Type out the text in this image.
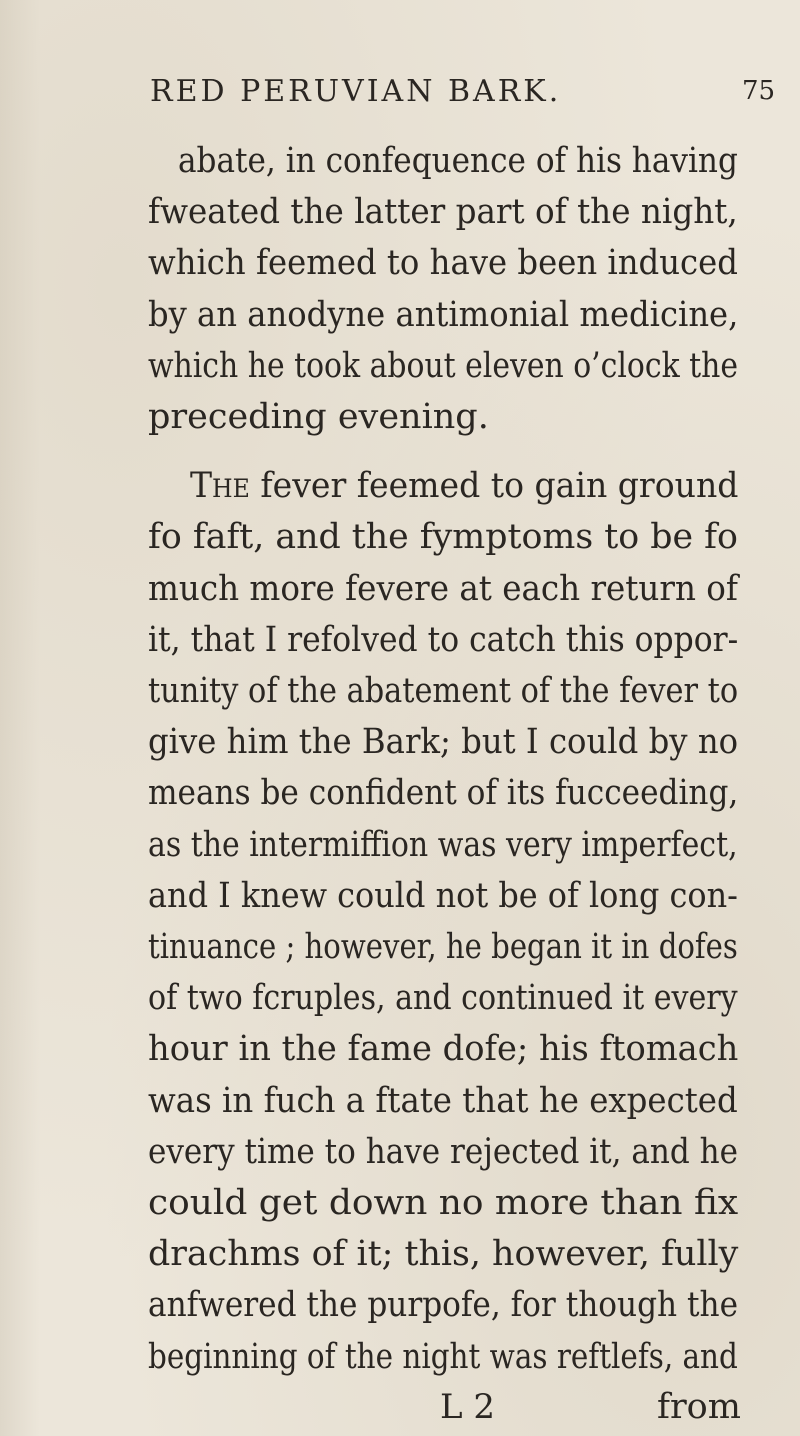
RED PERUVIAN BARK.	75
abate, in confequence of his having
fweated the latter part of the night,
which feemed to have been induced
by an anodyne antimonial medicine,
which he took about eleven o’clock the
preceding evening.
The fever feemed to gain ground
fo faft, and the fymptoms to be fo
much more fevere at each return of
it, that I refolved to catch this oppor-
tunity of the abatement of the fever to
give him the Bark; but I could by no
means be confident of its fucceeding,
as the intermiffion was very imperfect,
and I knew could not be of long con-
tinuance ; however, he began it in dofes
of two fcruples, and continued it every
hour in the fame dofe; his ftomach
was in fuch a ftate that he expected
every time to have rejected it, and he
could get down no more than fix
drachms of it; this, however, fully
anfwered the purpofe, for though the
beginning of the night was reftlefs, and
L 2	from
